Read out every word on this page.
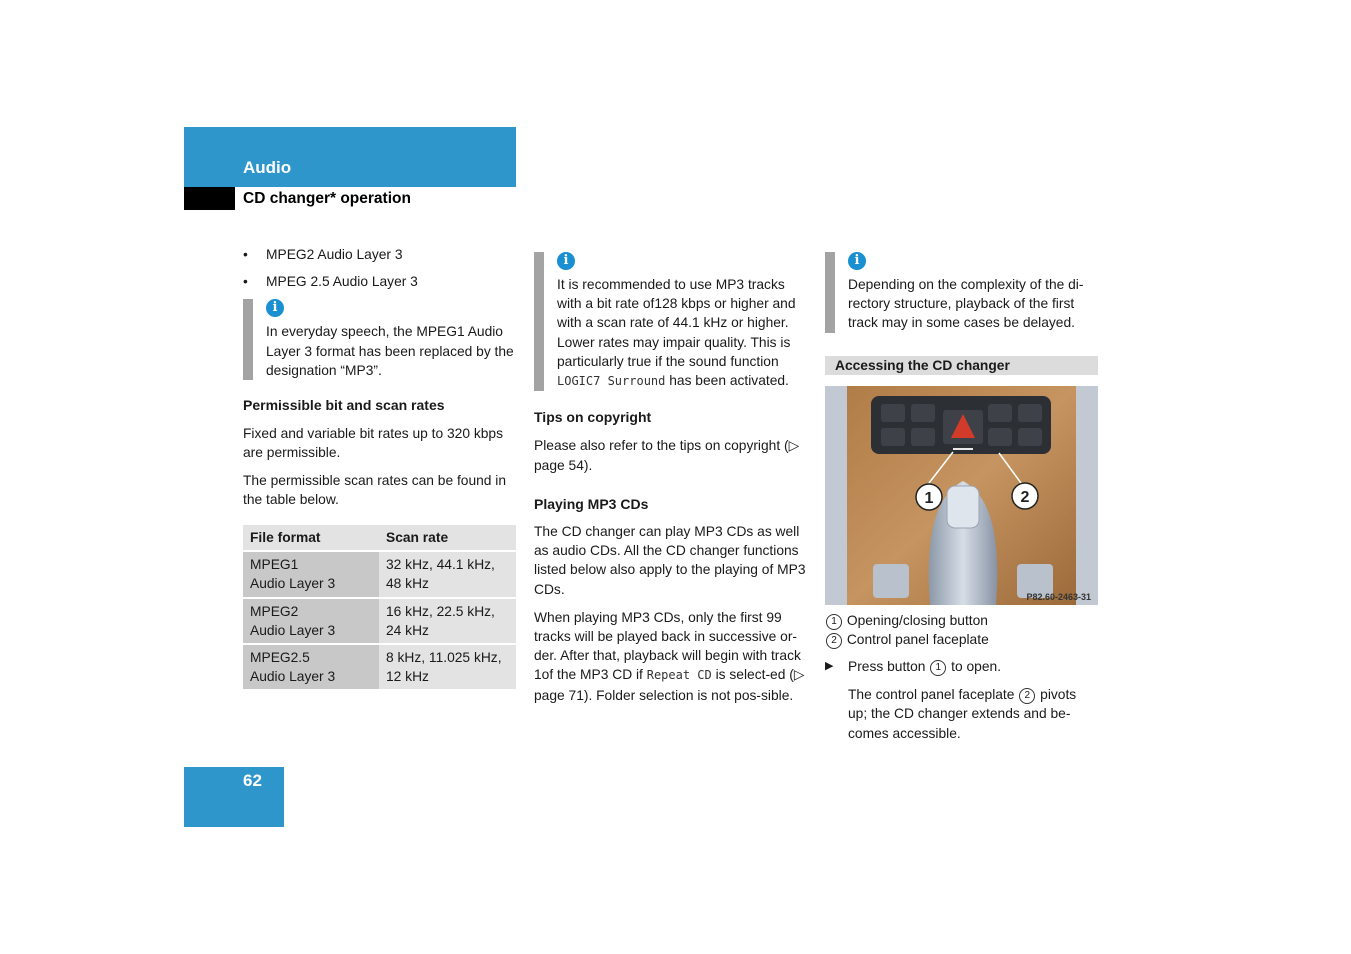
Audio
CD changer* operation
• MPEG2 Audio Layer 3
• MPEG 2.5 Audio Layer 3
i

In everyday speech, the MPEG1 Audio Layer 3 format has been replaced by the designation “MP3”.

Permissible bit and scan rates

Fixed and variable bit rates up to 320 kbps are permissible.

The permissible scan rates can be found in the table below.

File format	Scan rate
MPEG1
Audio Layer 3	32 kHz, 44.1 kHz,
48 kHz
MPEG2
Audio Layer 3	16 kHz, 22.5 kHz,
24 kHz
MPEG2.5
Audio Layer 3	8 kHz, 11.025 kHz,
12 kHz
i

It is recommended to use MP3 tracks with a bit rate of128 kbps or higher and with a scan rate of 44.1 kHz or higher. Lower rates may impair quality. This is particularly true if the sound function LOGIC7 Surround has been activated.

Tips on copyright

Please also refer to the tips on copyright (▷ page 54).

Playing MP3 CDs

The CD changer can play MP3 CDs as well as audio CDs. All the CD changer functions listed below also apply to the playing of MP3 CDs.

When playing MP3 CDs, only the first 99 tracks will be played back in successive or-der. After that, playback will begin with track 1of the MP3 CD if Repeat CD is select-ed (▷ page 71). Folder selection is not pos-sible.

i

Depending on the complexity of the di-rectory structure, playback of the first track may in some cases be delayed.

Accessing the CD changer
1	2
P82.60-2463-31

1 Opening/closing button

2 Control panel faceplate

▶ Press button 1 to open.

The control panel faceplate 2 pivots up; the CD changer extends and be-comes accessible.

62
